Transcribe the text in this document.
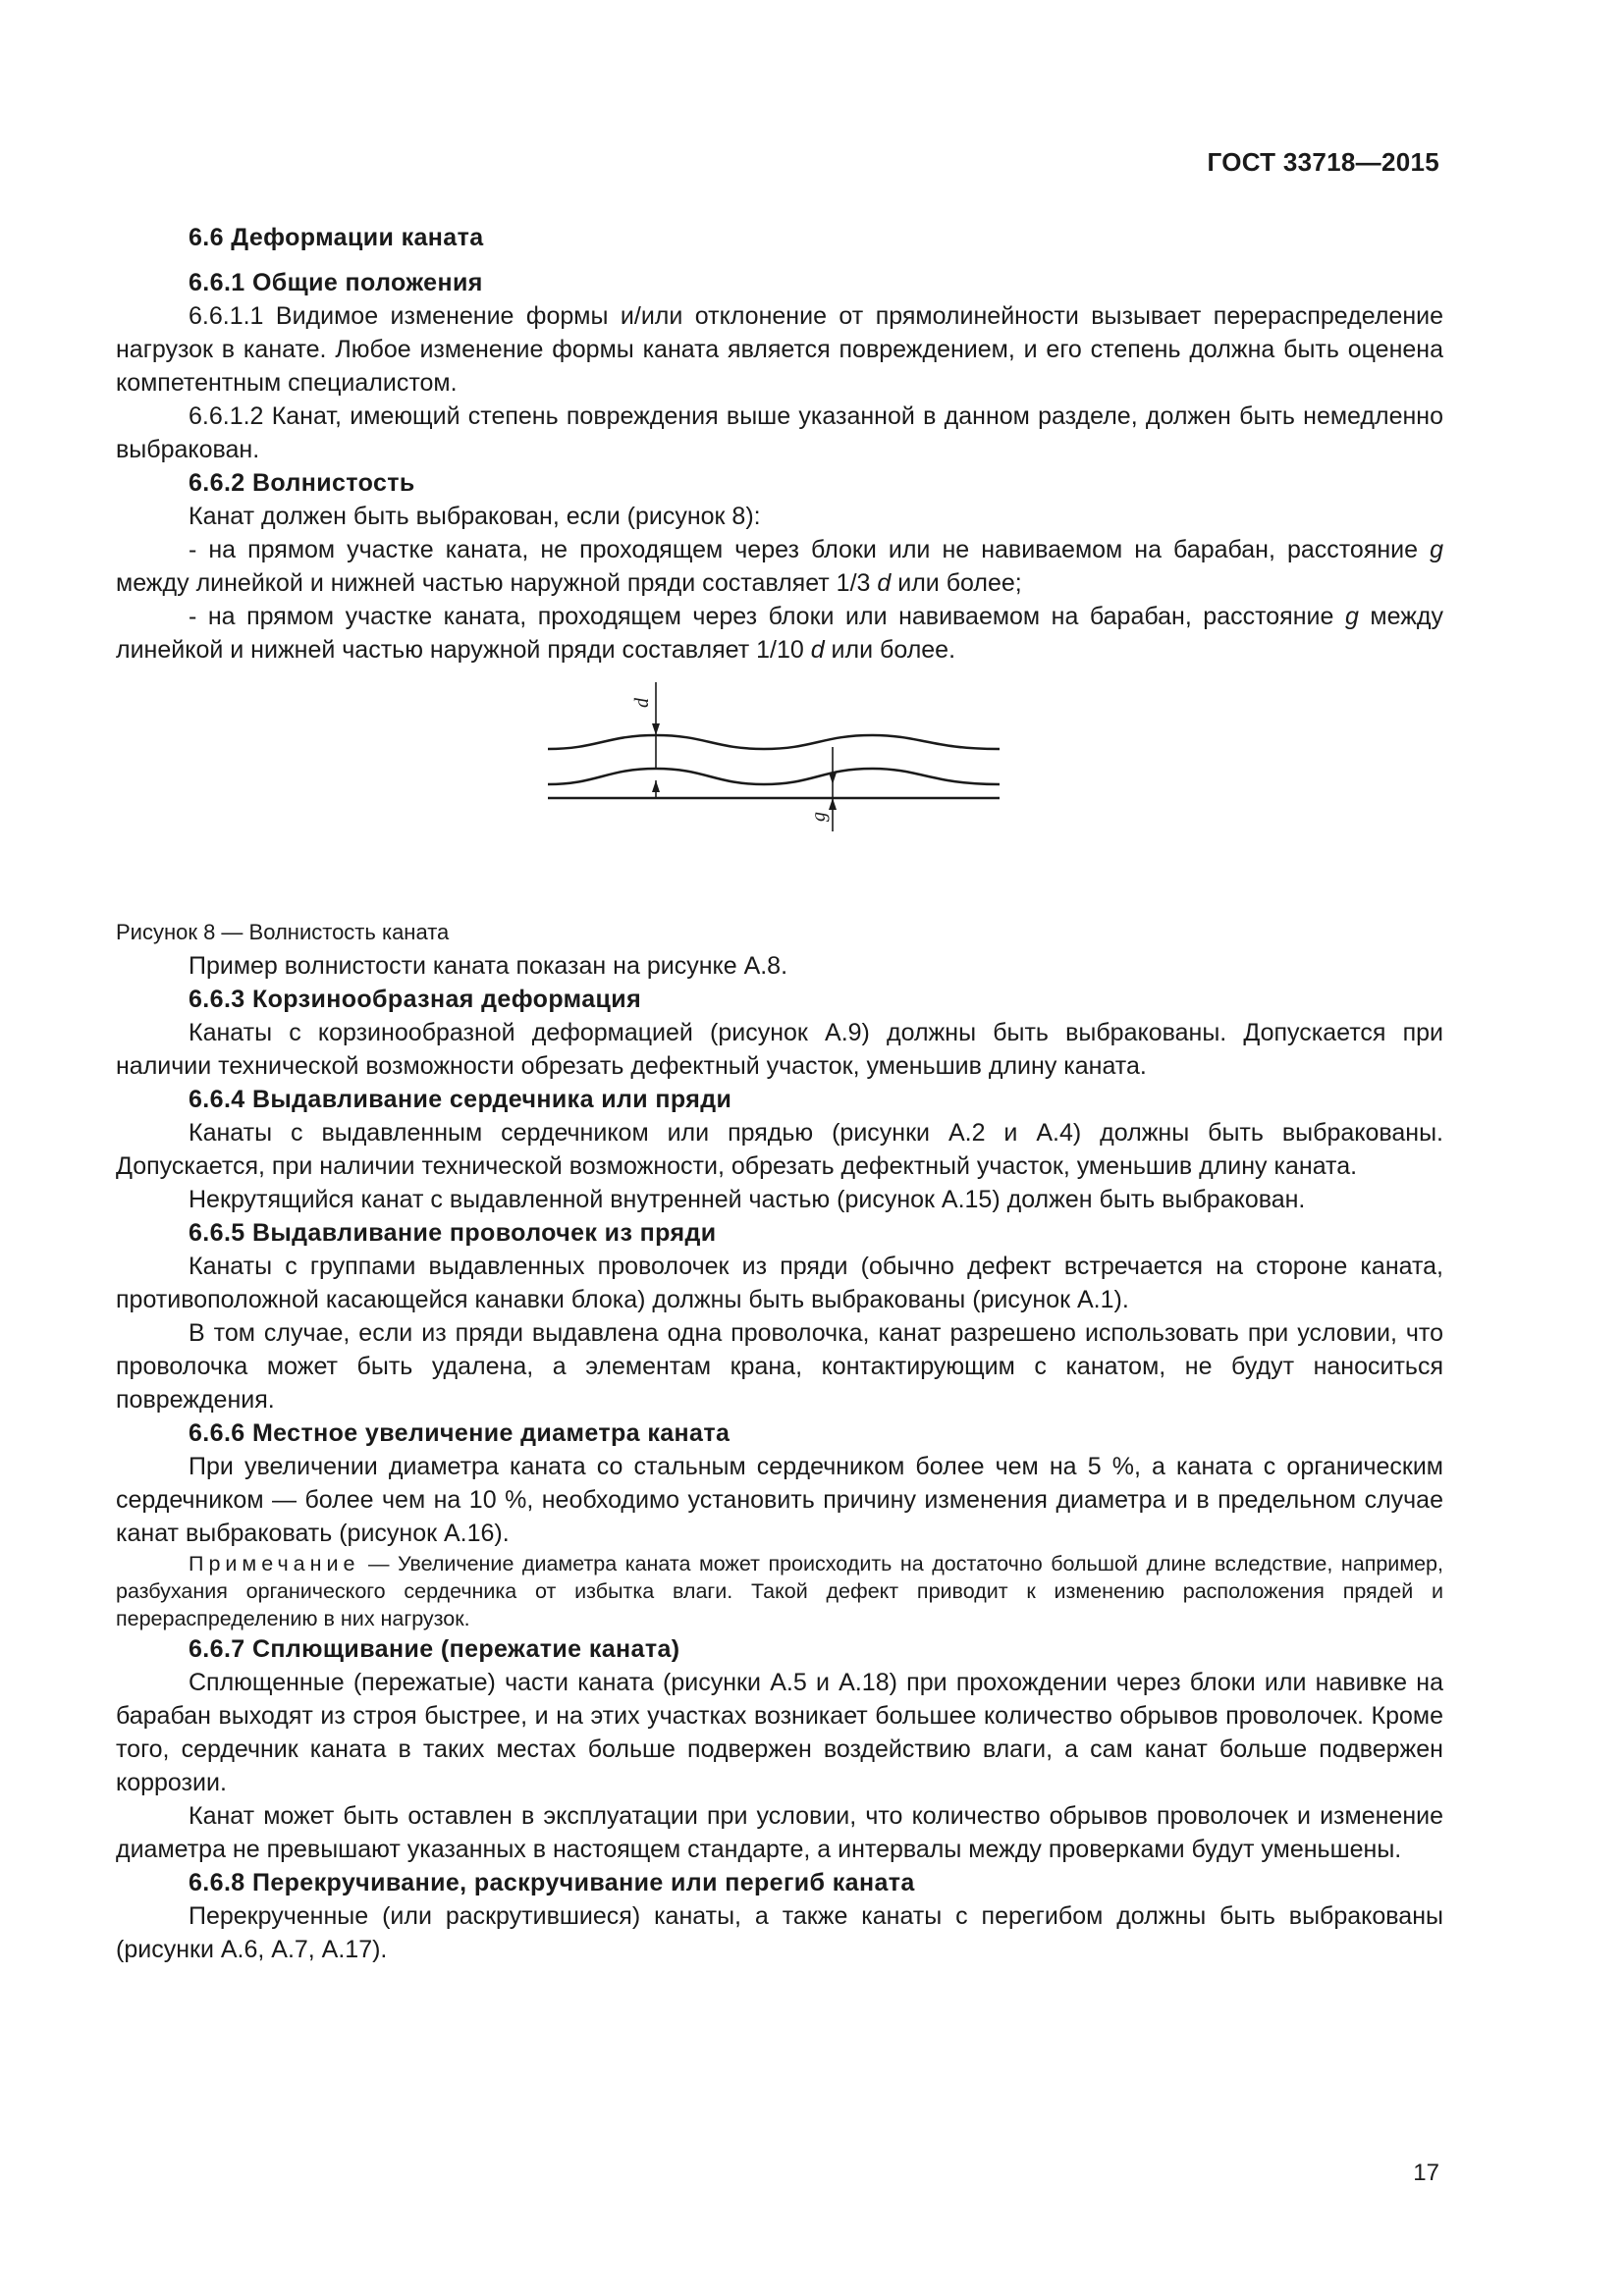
ГОСТ 33718—2015

6.6 Деформации каната

6.6.1 Общие положения

6.6.1.1 Видимое изменение формы и/или отклонение от прямолинейности вызывает перераспределение нагрузок в канате. Любое изменение формы каната является повреждением, и его степень должна быть оценена компетентным специалистом.

6.6.1.2 Канат, имеющий степень повреждения выше указанной в данном разделе, должен быть немедленно выбракован.

6.6.2 Волнистость

Канат должен быть выбракован, если (рисунок 8):

- на прямом участке каната, не проходящем через блоки или не навиваемом на барабан, расстояние g между линейкой и нижней частью наружной пряди составляет 1/3 d или более;

- на прямом участке каната, проходящем через блоки или навиваемом на барабан, расстояние g между линейкой и нижней частью наружной пряди составляет 1/10 d или более.

d
g

Рисунок 8 — Волнистость каната

Пример волнистости каната показан на рисунке А.8.

6.6.3 Корзинообразная деформация

Канаты с корзинообразной деформацией (рисунок А.9) должны быть выбракованы. Допускается при наличии технической возможности обрезать дефектный участок, уменьшив длину каната.

6.6.4 Выдавливание сердечника или пряди

Канаты с выдавленным сердечником или прядью (рисунки А.2 и А.4) должны быть выбракованы. Допускается, при наличии технической возможности, обрезать дефектный участок, уменьшив длину каната.

Некрутящийся канат с выдавленной внутренней частью (рисунок А.15) должен быть выбракован.

6.6.5 Выдавливание проволочек из пряди

Канаты с группами выдавленных проволочек из пряди (обычно дефект встречается на стороне каната, противоположной касающейся канавки блока) должны быть выбракованы (рисунок А.1).

В том случае, если из пряди выдавлена одна проволочка, канат разрешено использовать при условии, что проволочка может быть удалена, а элементам крана, контактирующим с канатом, не будут наноситься повреждения.

6.6.6 Местное увеличение диаметра каната

При увеличении диаметра каната со стальным сердечником более чем на 5 %, а каната с органическим сердечником — более чем на 10 %, необходимо установить причину изменения диаметра и в предельном случае канат выбраковать (рисунок А.16).

Примечание — Увеличение диаметра каната может происходить на достаточно большой длине вследствие, например, разбухания органического сердечника от избытка влаги. Такой дефект приводит к изменению расположения прядей и перераспределению в них нагрузок.

6.6.7 Сплющивание (пережатие каната)

Сплющенные (пережатые) части каната (рисунки А.5 и А.18) при прохождении через блоки или навивке на барабан выходят из строя быстрее, и на этих участках возникает большее количество обрывов проволочек. Кроме того, сердечник каната в таких местах больше подвержен воздействию влаги, а сам канат больше подвержен коррозии.

Канат может быть оставлен в эксплуатации при условии, что количество обрывов проволочек и изменение диаметра не превышают указанных в настоящем стандарте, а интервалы между проверками будут уменьшены.

6.6.8 Перекручивание, раскручивание или перегиб каната

Перекрученные (или раскрутившиеся) канаты, а также канаты с перегибом должны быть выбракованы (рисунки А.6, А.7, А.17).

17
